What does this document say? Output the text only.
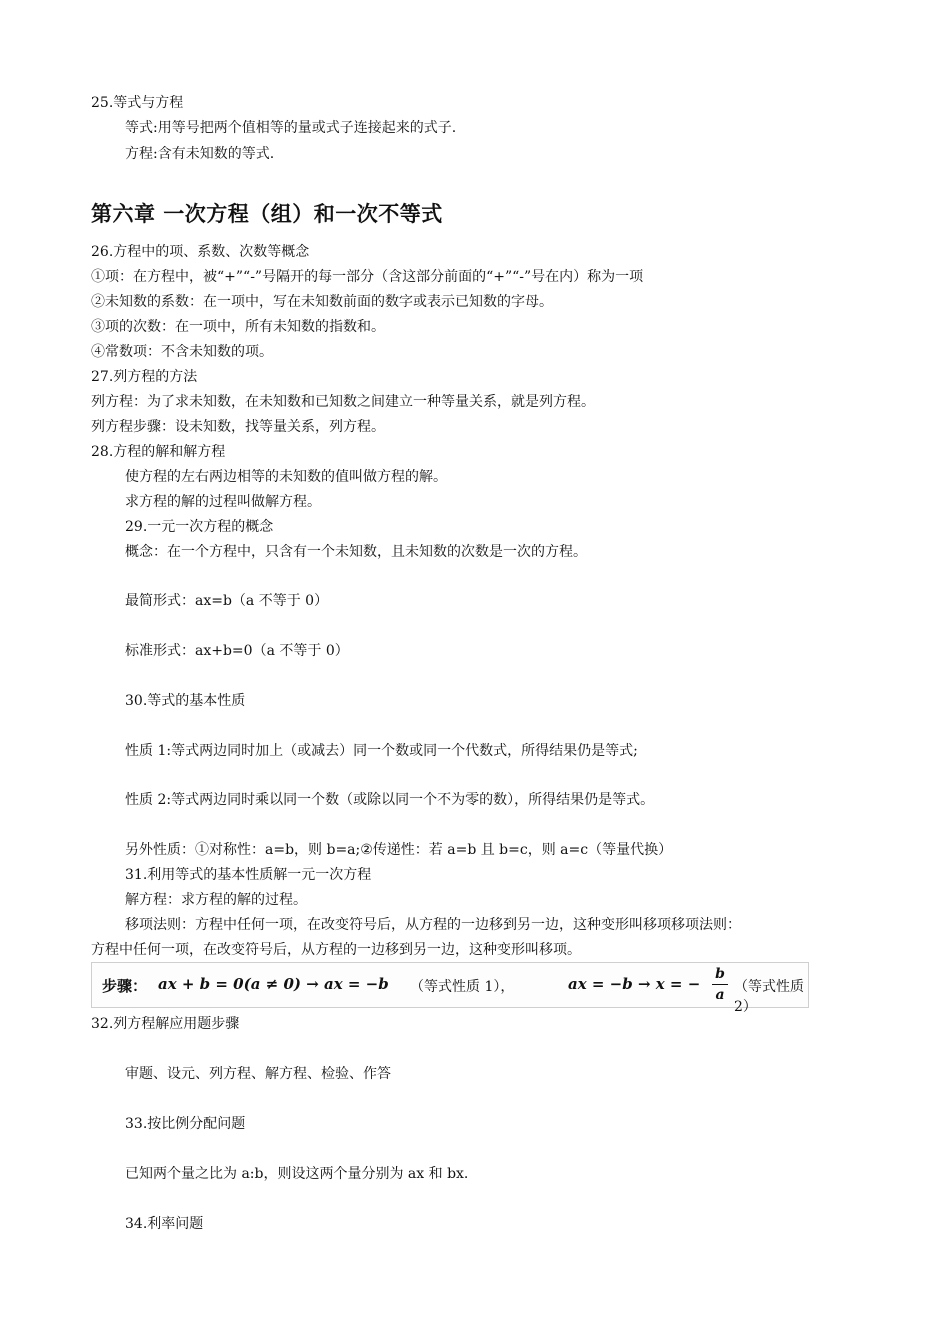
25.等式与方程
等式:用等号把两个值相等的量或式子连接起来的式子.
方程:含有未知数的等式.
第六章 一次方程（组）和一次不等式
26.方程中的项、系数、次数等概念
①项：在方程中，被“+”“-”号隔开的每一部分（含这部分前面的“+”“-”号在内）称为一项
②未知数的系数：在一项中，写在未知数前面的数字或表示已知数的字母。
③项的次数：在一项中，所有未知数的指数和。
④常数项：不含未知数的项。
27.列方程的方法
列方程：为了求未知数，在未知数和已知数之间建立一种等量关系，就是列方程。
列方程步骤：设未知数，找等量关系，列方程。
28.方程的解和解方程
使方程的左右两边相等的未知数的值叫做方程的解。
求方程的解的过程叫做解方程。
29.一元一次方程的概念
概念：在一个方程中，只含有一个未知数，且未知数的次数是一次的方程。
最简形式：ax=b（a 不等于 0）
标准形式：ax+b=0（a 不等于 0）
30.等式的基本性质
性质 1:等式两边同时加上（或减去）同一个数或同一个代数式，所得结果仍是等式;
性质 2:等式两边同时乘以同一个数（或除以同一个不为零的数），所得结果仍是等式。
另外性质：①对称性：a=b，则 b=a;②传递性：若 a=b 且 b=c，则 a=c（等量代换）
31.利用等式的基本性质解一元一次方程
解方程：求方程的解的过程。
移项法则：方程中任何一项，在改变符号后，从方程的一边移到另一边，这种变形叫移项移项法则：
方程中任何一项，在改变符号后，从方程的一边移到另一边，这种变形叫移项。
步骤： ax + b = 0(a ≠ 0) → ax = −b （等式性质 1），	ax = −b → x = −
b
a （等式性质 2）
32.列方程解应用题步骤
审题、设元、列方程、解方程、检验、作答
33.按比例分配问题
已知两个量之比为 a:b，则设这两个量分别为 ax 和 bx.
34.利率问题
